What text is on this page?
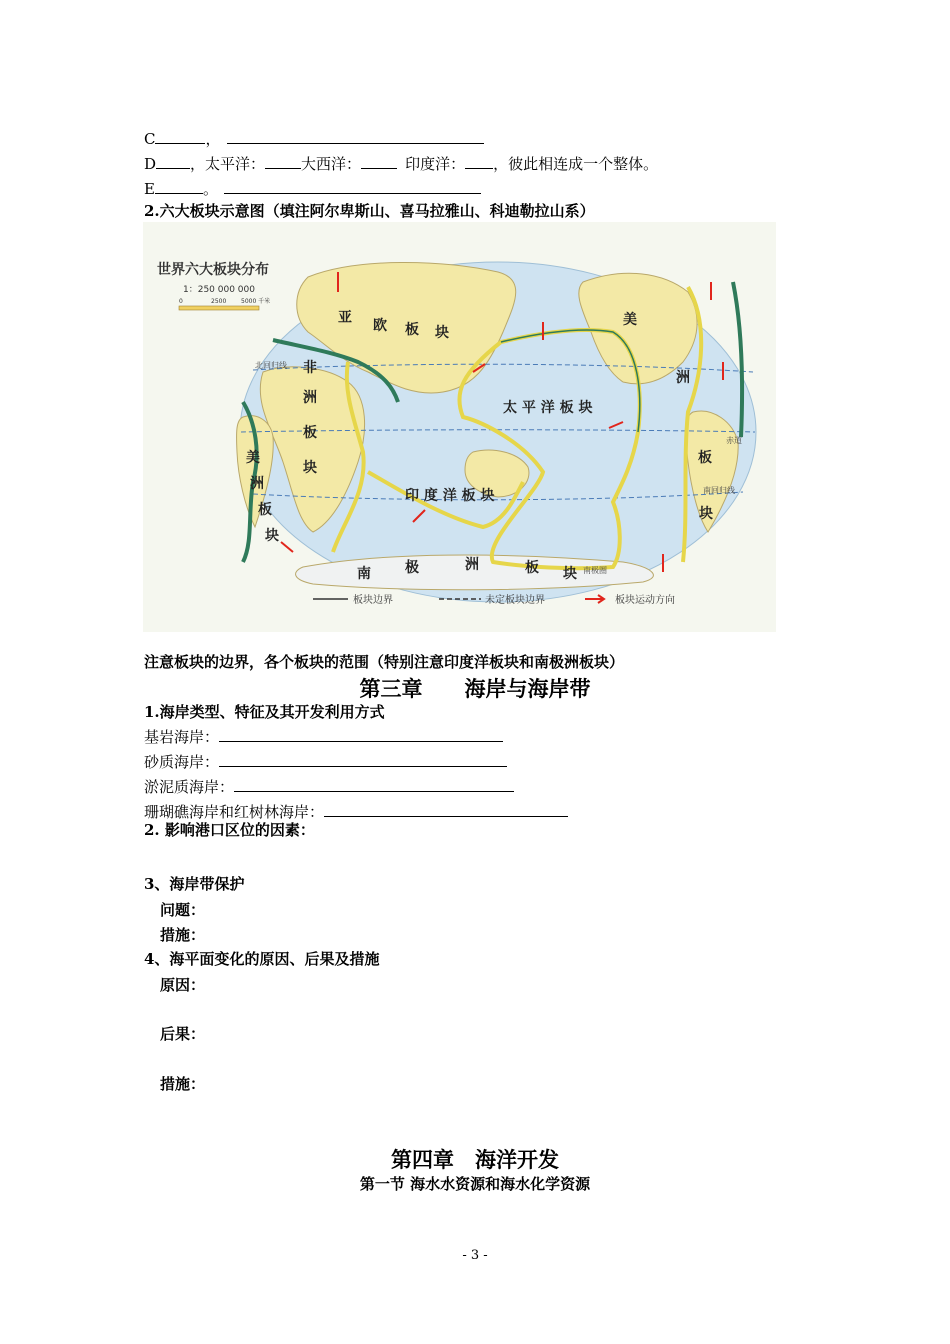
C	，
D ，太平洋： 大西洋：	印度洋： ，彼此相连成一个整体。
E	。
2.六大板块示意图（填注阿尔卑斯山、喜马拉雅山、科迪勒拉山系）
世界六大板块分布
1：250 000 000
0	2500 5000 千米
亚 欧 板 块
非
洲
板
块
太 平 洋 板 块
印 度 洋 板 块
南 极	洲	板 块
美
洲
板
块
美
洲
板
块
北回归线
赤道
南回归线
南极圈
板块边界	未定板块边界	板块运动方向
注意板块的边界，各个板块的范围（特别注意印度洋板块和南极洲板块）
第三章　　海岸与海岸带
1.海岸类型、特征及其开发利用方式
基岩海岸：
砂质海岸：
淤泥质海岸：
珊瑚礁海岸和红树林海岸：
2. 影响港口区位的因素：
3、海岸带保护
问题：
措施：
4、海平面变化的原因、后果及措施
原因：
后果：
措施：
第四章　海洋开发
第一节 海水水资源和海水化学资源
- 3 -
